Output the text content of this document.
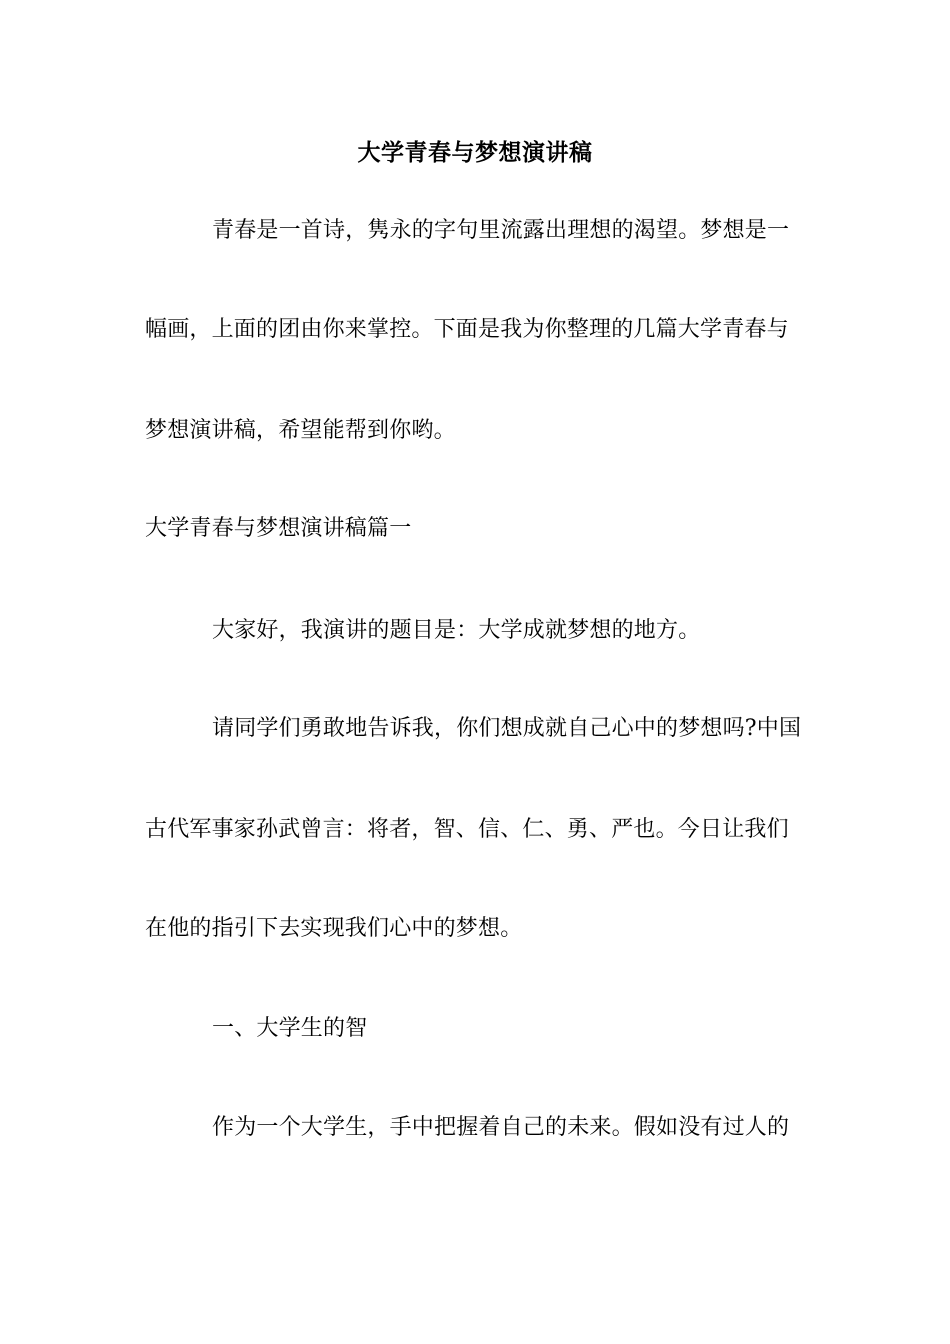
大学青春与梦想演讲稿
青春是一首诗，隽永的字句里流露出理想的渴望。梦想是一
幅画，上面的团由你来掌控。下面是我为你整理的几篇大学青春与
梦想演讲稿，希望能帮到你哟。
大学青春与梦想演讲稿篇一
大家好，我演讲的题目是：大学成就梦想的地方。
请同学们勇敢地告诉我，你们想成就自己心中的梦想吗?中国
古代军事家孙武曾言：将者，智、信、仁、勇、严也。今日让我们
在他的指引下去实现我们心中的梦想。
一、大学生的智
作为一个大学生，手中把握着自己的未来。假如没有过人的
